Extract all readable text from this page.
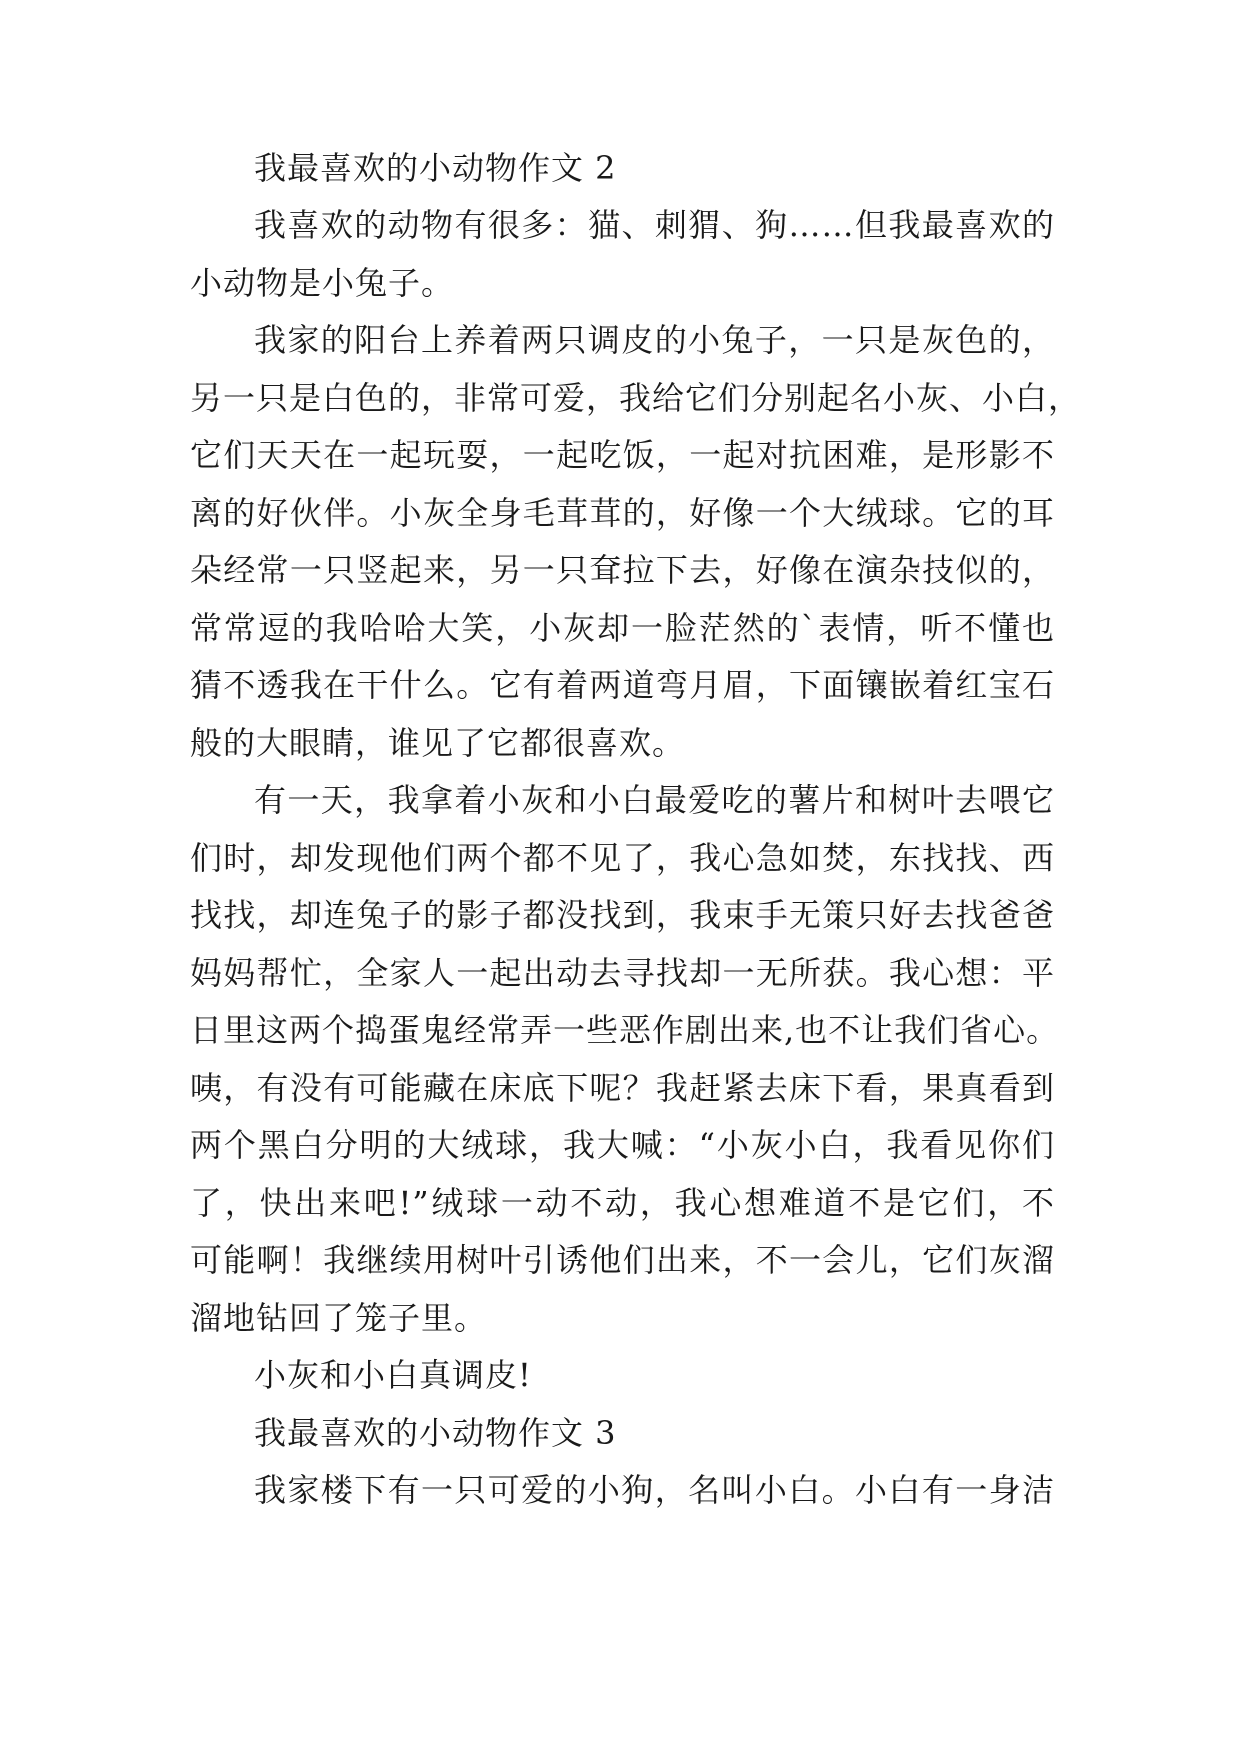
我最喜欢的小动物作文 2
我喜欢的动物有很多：猫、刺猬、狗……但我最喜欢的
小动物是小兔子。
我家的阳台上养着两只调皮的小兔子，一只是灰色的，
另一只是白色的，非常可爱，我给它们分别起名小灰、小白，
它们天天在一起玩耍，一起吃饭，一起对抗困难，是形影不
离的好伙伴。小灰全身毛茸茸的，好像一个大绒球。它的耳
朵经常一只竖起来，另一只耷拉下去，好像在演杂技似的，
常常逗的我哈哈大笑，小灰却一脸茫然的`表情，听不懂也
猜不透我在干什么。它有着两道弯月眉，下面镶嵌着红宝石
般的大眼睛，谁见了它都很喜欢。
有一天，我拿着小灰和小白最爱吃的薯片和树叶去喂它
们时，却发现他们两个都不见了，我心急如焚，东找找、西
找找，却连兔子的影子都没找到，我束手无策只好去找爸爸
妈妈帮忙，全家人一起出动去寻找却一无所获。我心想：平
日里这两个捣蛋鬼经常弄一些恶作剧出来,也不让我们省心。
咦，有没有可能藏在床底下呢？我赶紧去床下看，果真看到
两个黑白分明的大绒球，我大喊：“小灰小白，我看见你们
了，快出来吧!”绒球一动不动，我心想难道不是它们，不
可能啊！我继续用树叶引诱他们出来，不一会儿，它们灰溜
溜地钻回了笼子里。
小灰和小白真调皮!
我最喜欢的小动物作文 3
我家楼下有一只可爱的小狗，名叫小白。小白有一身洁
